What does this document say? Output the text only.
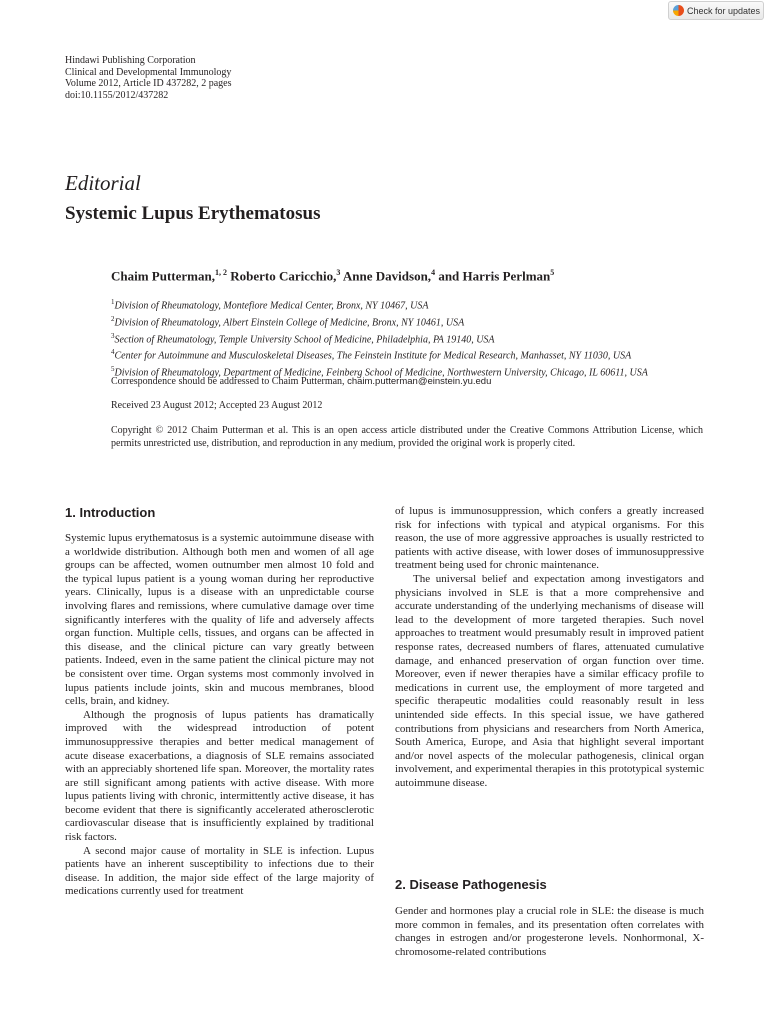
Check for updates
Hindawi Publishing Corporation
Clinical and Developmental Immunology
Volume 2012, Article ID 437282, 2 pages
doi:10.1155/2012/437282
Editorial
Systemic Lupus Erythematosus
Chaim Putterman,$^{1, 2}$ Roberto Caricchio,$^3$ Anne Davidson,$^4$ and Harris Perlman$^5$
$^1$Division of Rheumatology, Montefiore Medical Center, Bronx, NY 10467, USA
$^2$Division of Rheumatology, Albert Einstein College of Medicine, Bronx, NY 10461, USA
$^3$Section of Rheumatology, Temple University School of Medicine, Philadelphia, PA 19140, USA
$^4$Center for Autoimmune and Musculoskeletal Diseases, The Feinstein Institute for Medical Research, Manhasset, NY 11030, USA
$^5$Division of Rheumatology, Department of Medicine, Feinberg School of Medicine, Northwestern University, Chicago, IL 60611, USA
Correspondence should be addressed to Chaim Putterman, chaim.putterman@einstein.yu.edu
Received 23 August 2012; Accepted 23 August 2012
Copyright © 2012 Chaim Putterman et al. This is an open access article distributed under the Creative Commons Attribution License, which permits unrestricted use, distribution, and reproduction in any medium, provided the original work is properly cited.
1. Introduction

Systemic lupus erythematosus is a systemic autoimmune disease with a worldwide distribution. Although both men and women of all age groups can be affected, women outnumber men almost 10 fold and the typical lupus patient is a young woman during her reproductive years. Clinically, lupus is a disease with an unpredictable course involving flares and remissions, where cumulative damage over time significantly interferes with the quality of life and adversely affects organ function. Multiple cells, tissues, and organs can be affected in this disease, and the clinical picture can vary greatly between patients. Indeed, even in the same patient the clinical picture may not be consistent over time. Organ systems most commonly involved in lupus patients include joints, skin and mucous membranes, blood cells, brain, and kidney.

Although the prognosis of lupus patients has dramatically improved with the widespread introduction of potent immunosuppressive therapies and better medical management of acute disease exacerbations, a diagnosis of SLE remains associated with an appreciably shortened life span. Moreover, the mortality rates are still significant among patients with active disease. With more lupus patients living with chronic, intermittently active disease, it has become evident that there is significantly accelerated atherosclerotic cardiovascular disease that is insufficiently explained by traditional risk factors.

A second major cause of mortality in SLE is infection. Lupus patients have an inherent susceptibility to infections due to their disease. In addition, the major side effect of the large majority of medications currently used for treatment

of lupus is immunosuppression, which confers a greatly increased risk for infections with typical and atypical organisms. For this reason, the use of more aggressive approaches is usually restricted to patients with active disease, with lower doses of immunosuppressive treatment being used for chronic maintenance.

The universal belief and expectation among investigators and physicians involved in SLE is that a more comprehensive and accurate understanding of the underlying mechanisms of disease will lead to the development of more targeted therapies. Such novel approaches to treatment would presumably result in improved patient response rates, decreased numbers of flares, attenuated cumulative damage, and enhanced preservation of organ function over time. Moreover, even if newer therapies have a similar efficacy profile to medications in current use, the employment of more targeted and specific therapeutic modalities could reasonably result in less unintended side effects. In this special issue, we have gathered contributions from physicians and researchers from North America, South America, Europe, and Asia that highlight several important and/or novel aspects of the molecular pathogenesis, clinical organ involvement, and experimental therapies in this prototypical systemic autoimmune disease.

2. Disease Pathogenesis

Gender and hormones play a crucial role in SLE: the disease is much more common in females, and its presentation often correlates with changes in estrogen and/or progesterone levels. Nonhormonal, X-chromosome-related contributions
